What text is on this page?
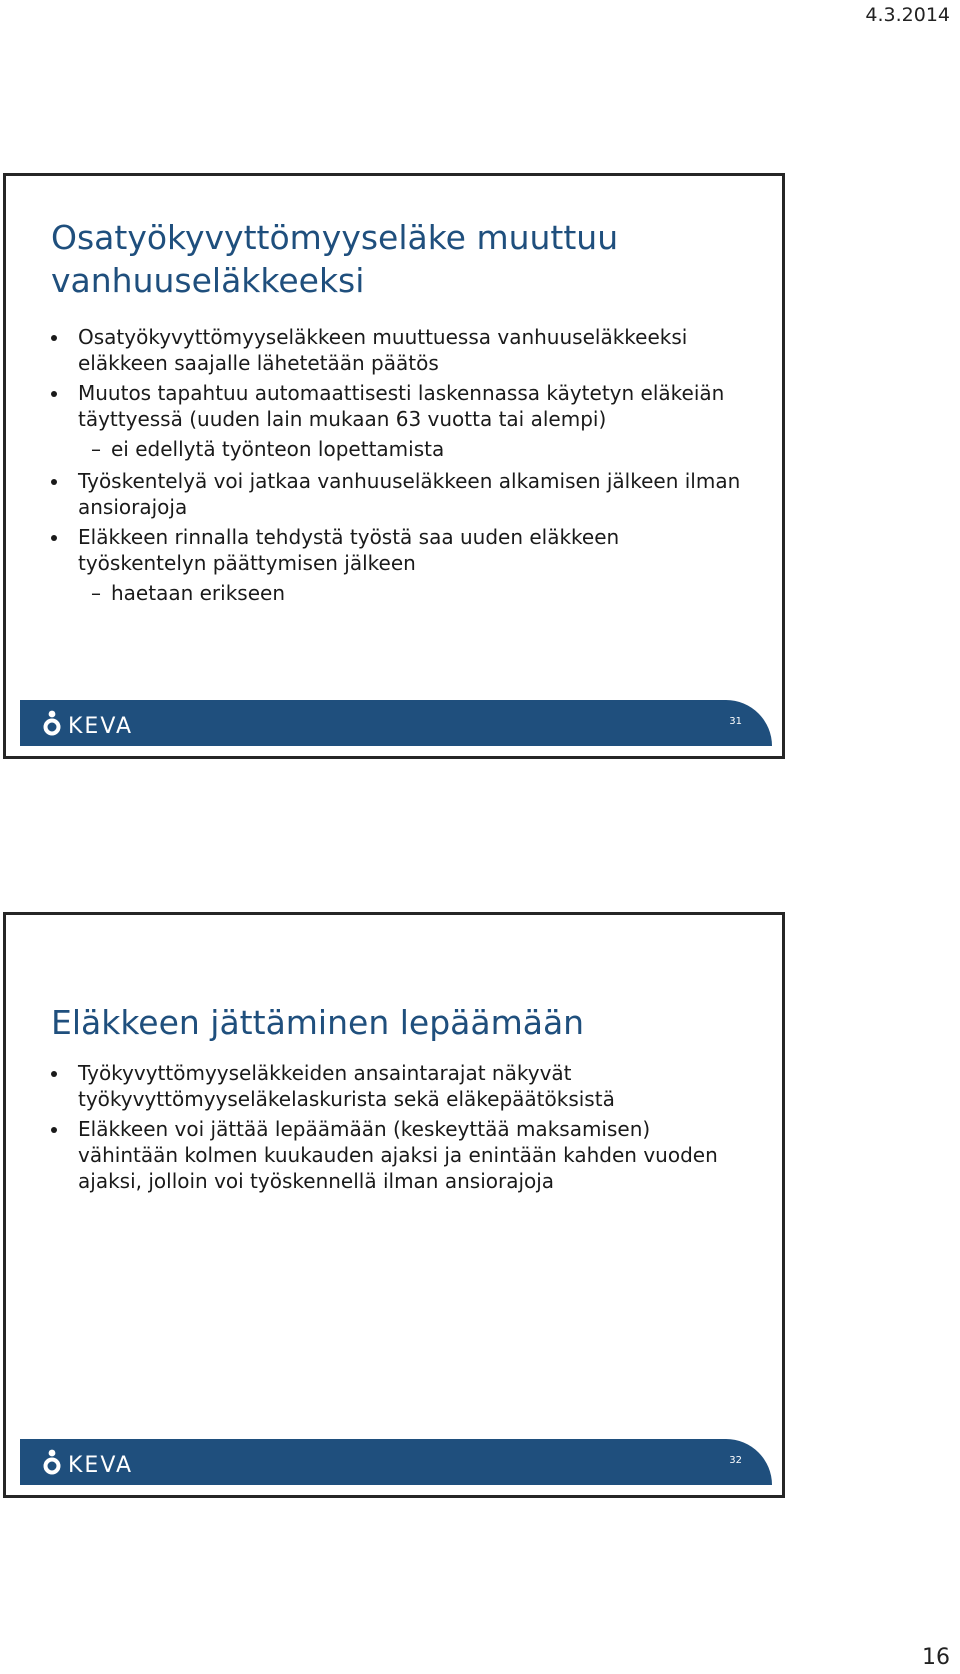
4.3.2014
Osatyökyvyttömyyseläke muuttuu vanhuuseläkkeeksi
Osatyökyvyttömyyseläkkeen muuttuessa vanhuuseläkkeeksi eläkkeen saajalle lähetetään päätös
Muutos tapahtuu automaattisesti laskennassa käytetyn eläkeiän täyttyessä (uuden lain mukaan 63 vuotta tai alempi)
– ei edellytä työnteon lopettamista
Työskentelyä voi jatkaa vanhuuseläkkeen alkamisen jälkeen ilman ansiorajoja
Eläkkeen rinnalla tehdystä työstä saa uuden eläkkeen työskentelyn päättymisen jälkeen
– haetaan erikseen
KEVA	31
Eläkkeen jättäminen lepäämään
Työkyvyttömyyseläkkeiden ansaintarajat näkyvät työkyvyttömyyseläkelaskurista sekä eläkepäätöksistä
Eläkkeen voi jättää lepäämään (keskeyttää maksamisen) vähintään kolmen kuukauden ajaksi ja enintään kahden vuoden ajaksi, jolloin voi työskennellä ilman ansiorajoja
KEVA	32
16
